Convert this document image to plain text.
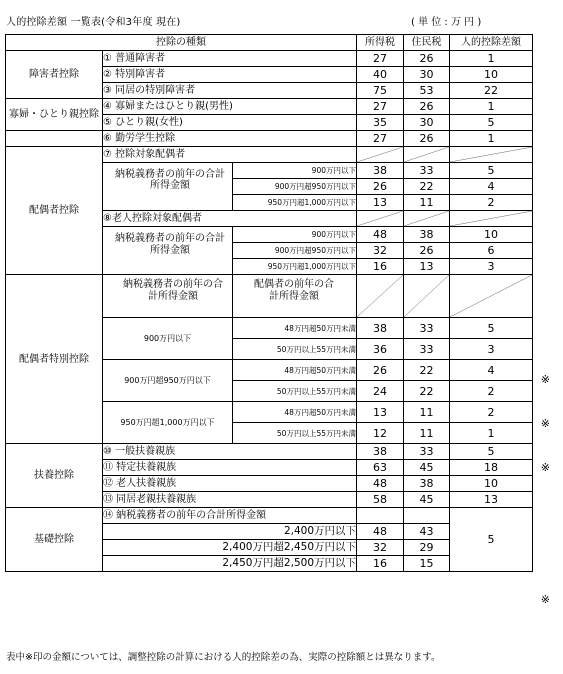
人的控除差額 一覧表(令和3年度 現在)	( 単 位 : 万 円 )
控除の種類			所得税	住民税	人的控除差額
障害者控除	① 普通障害者		27	26	1
	② 特別障害者		40	30	10
	③ 同居の特別障害者		75	53	22
寡婦・ひとり親控除	④ 寡婦またはひとり親(男性)		27	26	1
	⑤ ひとり親(女性)		35	30	5
	⑥ 勤労学生控除		27	26	1
配偶者控除	⑦ 控除対象配偶者	

	納税義務者の前年の合計所得金額	900万円以下	38	33	5
		900万円超950万円以下	26	22	4
		950万円超1,000万円以下	13	11	2
	⑧老人控除対象配偶者	

	納税義務者の前年の合計所得金額	900万円以下	48	38	10
		900万円超950万円以下	32	26	6
		950万円超1,000万円以下	16	13	3
配偶者特別控除	納税義務者の前年の合計所得金額	配偶者の前年の合計所得金額

	900万円以下	48万円超50万円未満	38	33	5
		50万円以上55万円未満	36	33	3
	900万円超950万円以下	48万円超50万円未満	26	22	4
		50万円以上55万円未満	24	22	2
	950万円超1,000万円以下	48万円超50万円未満	13	11	2
		50万円以上55万円未満	12	11	1
扶養控除	⑩ 一般扶養親族		38	33	5
	⑪ 特定扶養親族		63	45	18
	⑫ 老人扶養親族		48	38	10
	⑬ 同居老親扶養親族		58	45	13
基礎控除	⑭ 納税義務者の前年の合計所得金額				5
	2,400万円以下		48	43	
	2,400万円超2,450万円以下		32	29	
	2,450万円超2,500万円以下		16	15	
※
※
※
※
表中※印の金額については、調整控除の計算における人的控除差の為、実際の控除額とは異なります。
